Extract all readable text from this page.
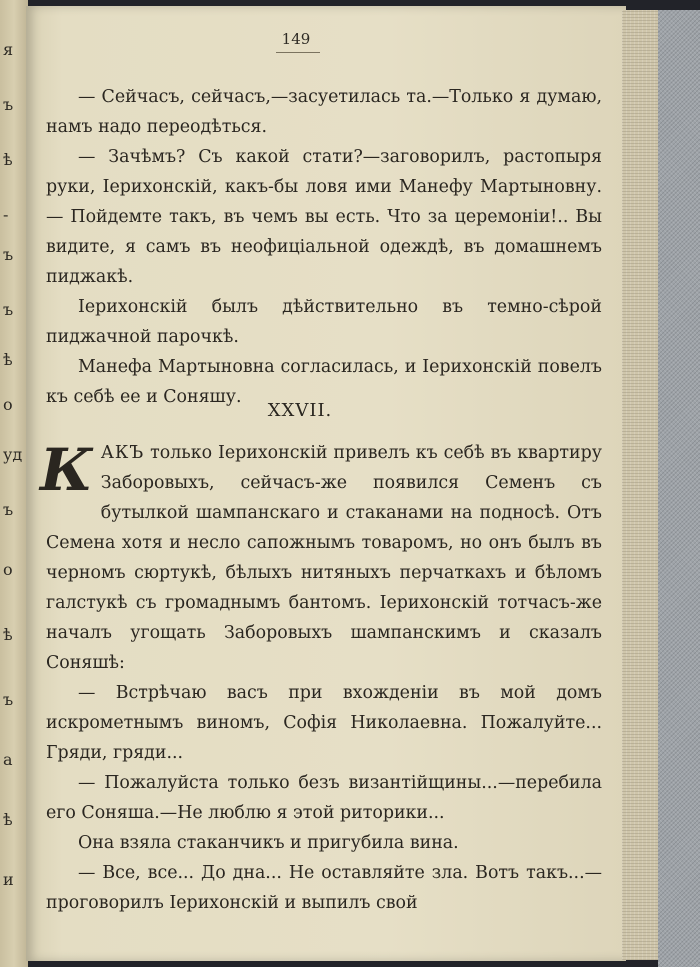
я
ъ
ѣ
-
ъ
ъ
ѣ
о
уд
ъ
о
ѣ
ъ
а
ѣ
и
149

— Сейчасъ, сейчасъ,—засуетилась та.—Только я думаю, намъ надо переодѣться.

— Зачѣмъ? Съ какой стати?—заговорилъ, растопыря руки, Iерихонскiй, какъ-бы ловя ими Манефу Мартыновну. — Пойдемте такъ, въ чемъ вы есть. Что за церемонiи!.. Вы видите, я самъ въ неофицiальной одеждѣ, въ домашнемъ пиджакѣ.

Iерихонскiй былъ дѣйствительно въ темно-сѣрой пиджачной парочкѣ.

Манефа Мартыновна согласилась, и Iерихонскiй повелъ къ себѣ ее и Соняшу.

XXVII.

КАКЪ только Iерихонскiй привелъ къ себѣ въ квартиру Заборовыхъ, сейчасъ-же появился Семенъ съ бутылкой шампанскаго и стаканами на подносѣ. Отъ Семена хотя и несло сапожнымъ товаромъ, но онъ былъ въ черномъ сюртукѣ, бѣлыхъ нитяныхъ перчаткахъ и бѣломъ галстукѣ съ громаднымъ бантомъ. Iерихонскiй тотчасъ-же началъ угощать Заборовыхъ шампанскимъ и сказалъ Соняшѣ:

— Встрѣчаю васъ при вхожденiи въ мой домъ искрометнымъ виномъ, Софiя Николаевна. Пожалуйте... Гряди, гряди...

— Пожалуйста только безъ византiйщины...—перебила его Соняша.—Не люблю я этой риторики...

Она взяла стаканчикъ и пригубила вина.

— Все, все... До дна... Не оставляйте зла. Вотъ такъ...—проговорилъ Iерихонскiй и выпилъ свой
